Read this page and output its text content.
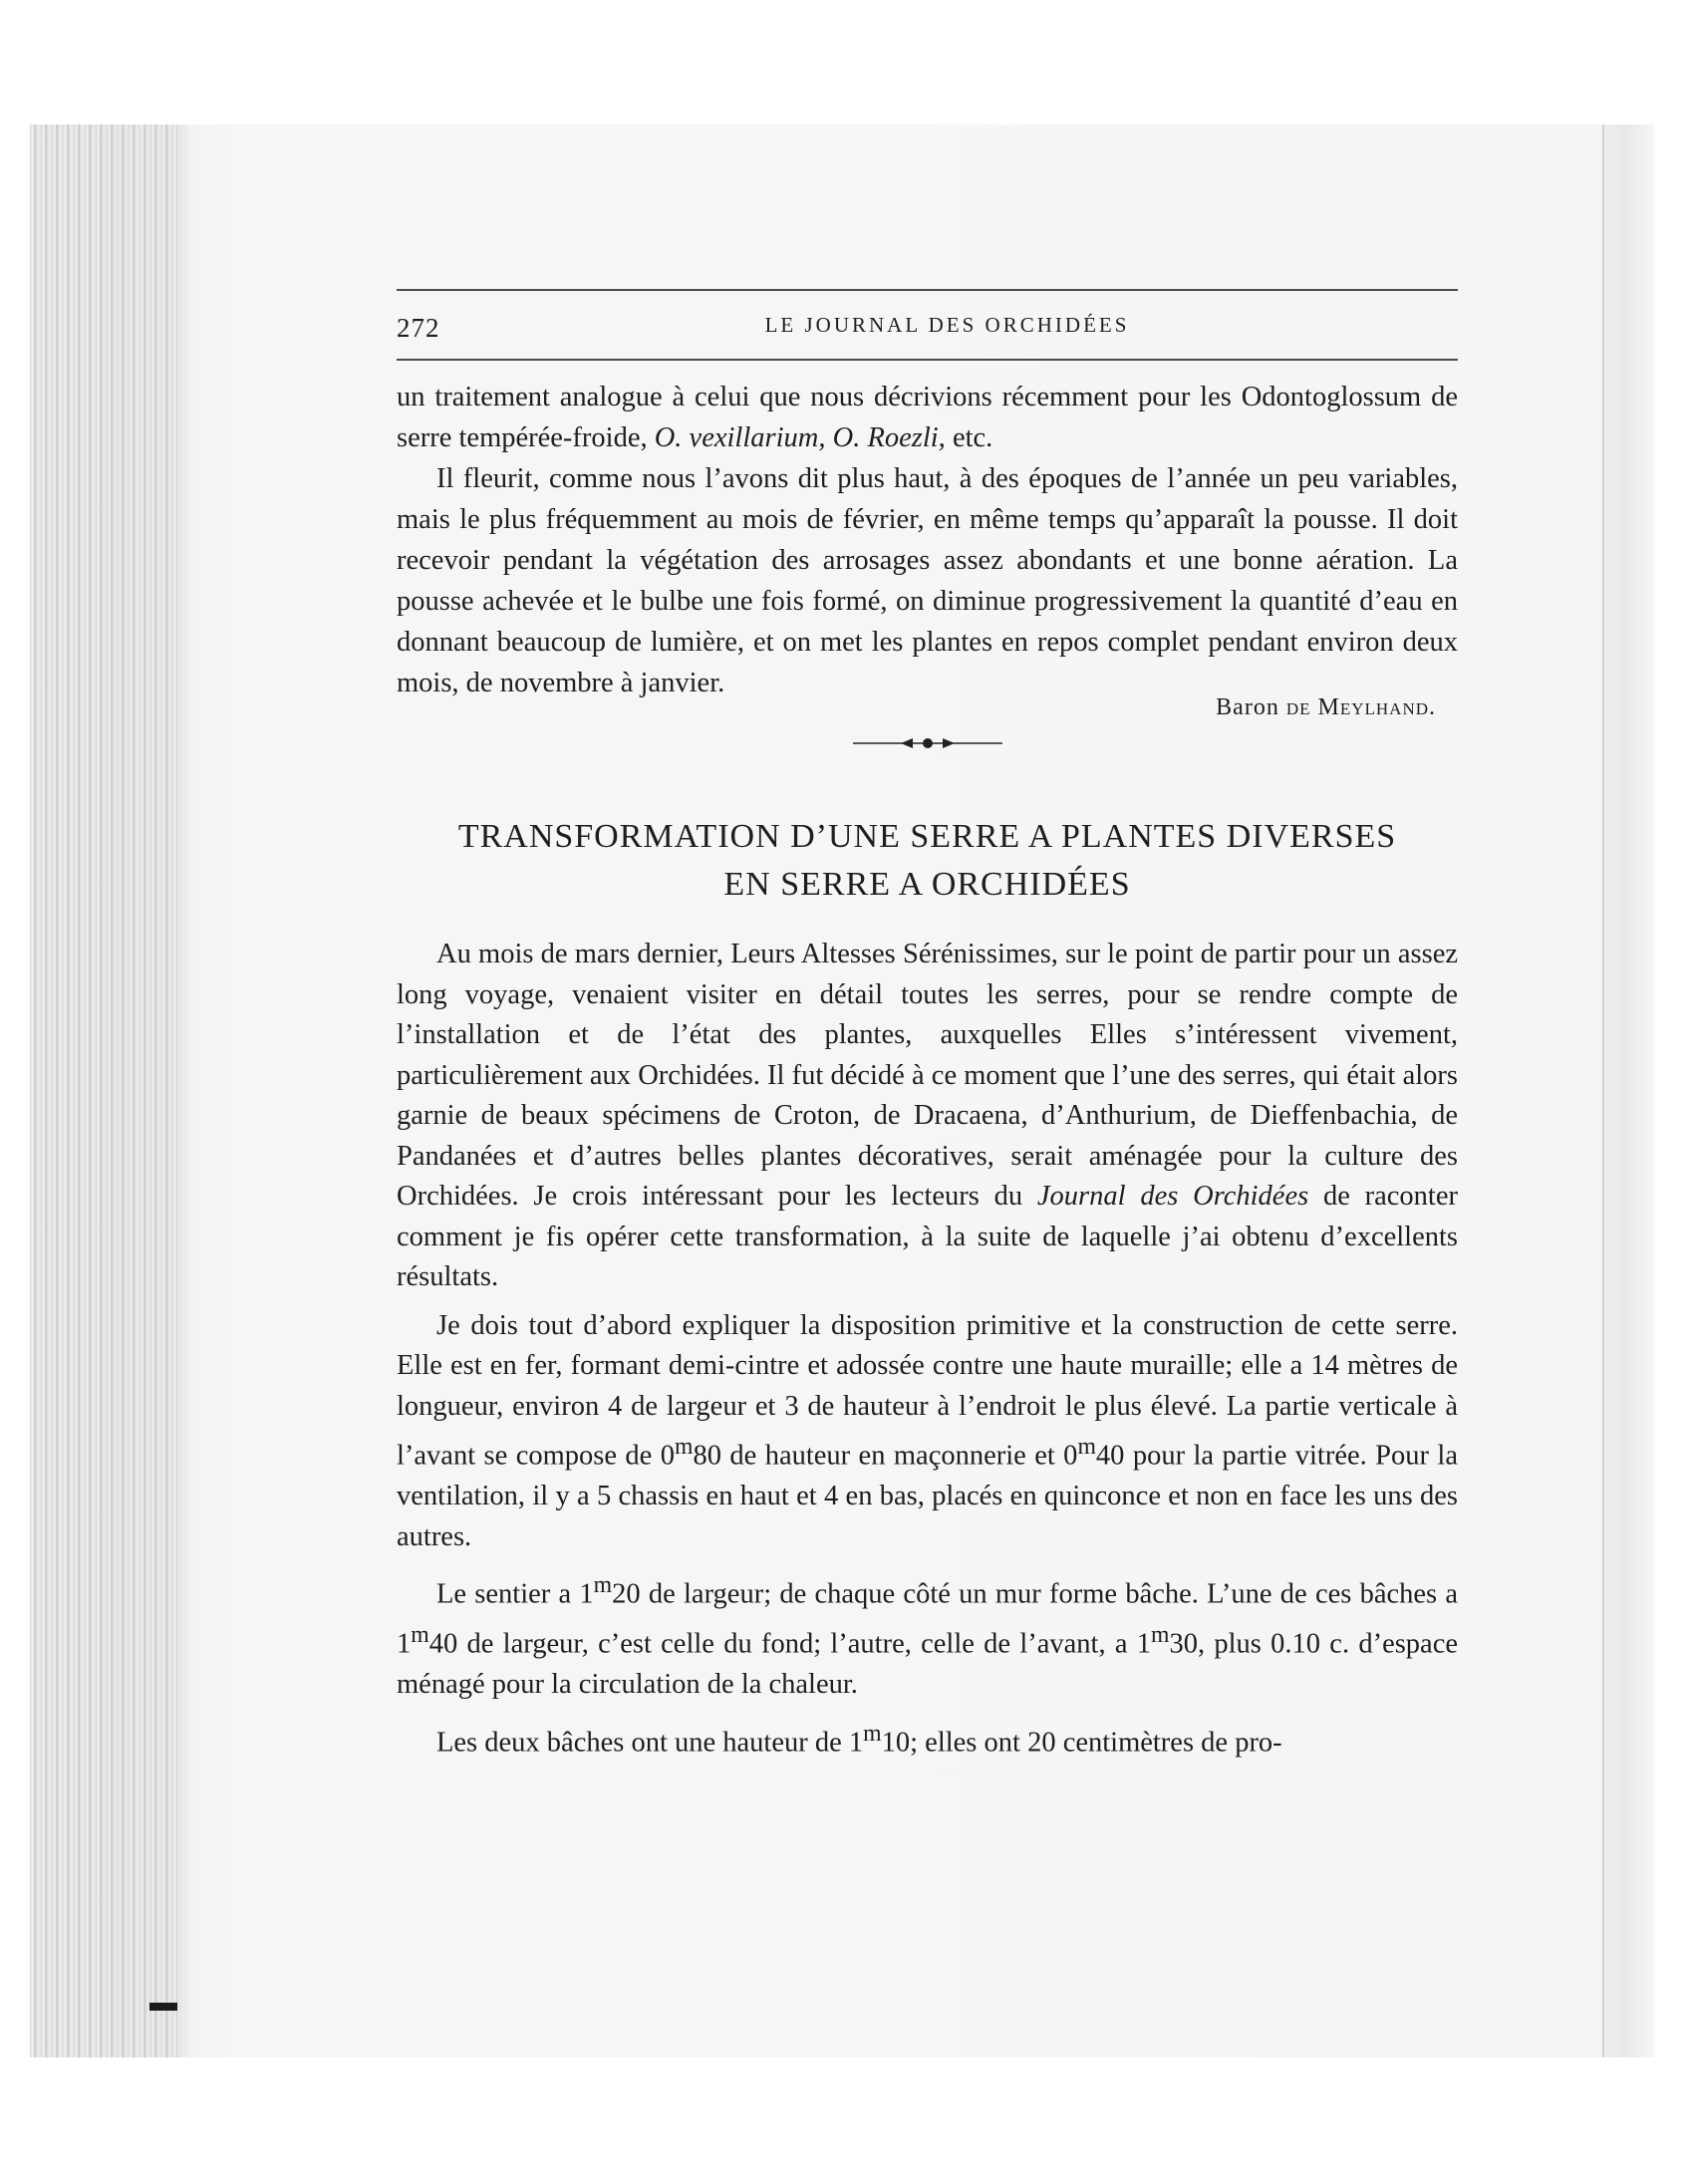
272	LE JOURNAL DES ORCHIDÉES

un traitement analogue à celui que nous décrivions récemment pour les Odontoglossum de serre tempérée-froide, O. vexillarium, O. Roezli, etc.

Il fleurit, comme nous l’avons dit plus haut, à des époques de l’année un peu variables, mais le plus fréquemment au mois de février, en même temps qu’apparaît la pousse. Il doit recevoir pendant la végétation des arrosages assez abondants et une bonne aération. La pousse achevée et le bulbe une fois formé, on diminue progressivement la quantité d’eau en donnant beaucoup de lumière, et on met les plantes en repos complet pendant environ deux mois, de novembre à janvier.

Baron de Meylhand.
TRANSFORMATION D’UNE SERRE A PLANTES DIVERSES
EN SERRE A ORCHIDÉES

Au mois de mars dernier, Leurs Altesses Sérénissimes, sur le point de partir pour un assez long voyage, venaient visiter en détail toutes les serres, pour se rendre compte de l’installation et de l’état des plantes, auxquelles Elles s’intéressent vivement, particulièrement aux Orchidées. Il fut décidé à ce moment que l’une des serres, qui était alors garnie de beaux spécimens de Croton, de Dracaena, d’Anthurium, de Dieffenbachia, de Pandanées et d’autres belles plantes décoratives, serait aménagée pour la culture des Orchidées. Je crois intéressant pour les lecteurs du Journal des Orchidées de raconter comment je fis opérer cette transformation, à la suite de laquelle j’ai obtenu d’excellents résultats.

Je dois tout d’abord expliquer la disposition primitive et la construction de cette serre. Elle est en fer, formant demi-cintre et adossée contre une haute muraille; elle a 14 mètres de longueur, environ 4 de largeur et 3 de hauteur à l’endroit le plus élevé. La partie verticale à l’avant se compose de 0$^m$80 de hauteur en maçonnerie et 0$^m$40 pour la partie vitrée. Pour la ventilation, il y a 5 chassis en haut et 4 en bas, placés en quinconce et non en face les uns des autres.

Le sentier a 1$^m$20 de largeur; de chaque côté un mur forme bâche. L’une de ces bâches a 1$^m$40 de largeur, c’est celle du fond; l’autre, celle de l’avant, a 1$^m$30, plus 0.10 c. d’espace ménagé pour la circulation de la chaleur.

Les deux bâches ont une hauteur de 1$^m$10; elles ont 20 centimètres de pro-
